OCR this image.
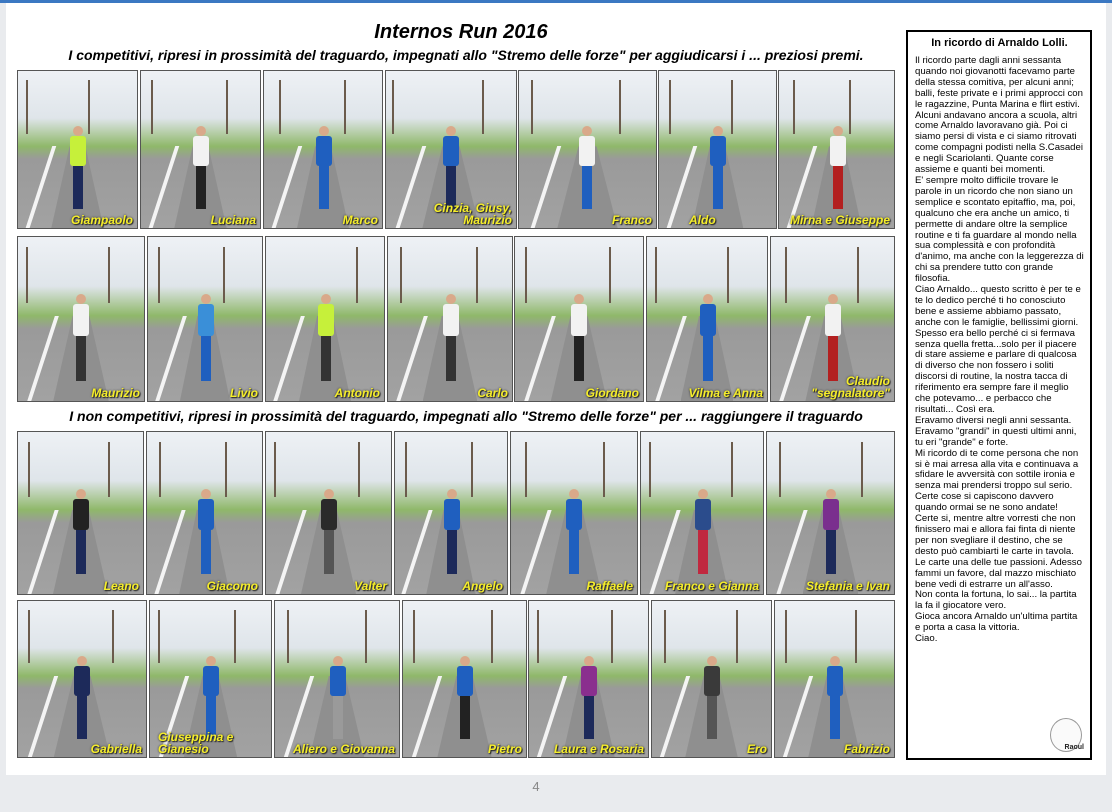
Internos Run 2016
I competitivi, ripresi in prossimità del traguardo, impegnati allo "Stremo delle forze" per aggiudicarsi i ... preziosi premi.
I non competitivi, ripresi in prossimità del traguardo, impegnati allo "Stremo delle forze" per ... raggiungere il traguardo
Giampaolo	Luciana	Marco
Cinzia, Giusy, Maurizio	Franco	Aldo	Mirna e Giuseppe
Maurizio	Livio	Antonio	Carlo	Giordano	Vilma e Anna
Claudio "segnalatore"
Leano	Giacomo	Valter	Angelo	Raffaele	Franco e Gianna	Stefania e Ivan
Gabriella
Giuseppina e Gianesio	Aliero e Giovanna	Pietro	Laura e Rosaria	Ero	Fabrizio
In ricordo di Arnaldo Lolli.
Il ricordo parte dagli anni sessanta quando noi giovanotti facevamo parte della stessa comitiva, per alcuni anni; balli, feste private e i primi approcci con le ragazzine, Punta Marina e flirt estivi.
Alcuni andavano ancora a scuola, altri come Arnaldo lavoravano già. Poi ci siamo persi di vista e ci siamo ritrovati come compagni podisti nella S.Casadei e negli Scariolanti. Quante corse assieme e quanti bei momenti.
E' sempre molto difficile trovare le parole in un ricordo che non siano un semplice e scontato epitaffio, ma, poi, qualcuno che era anche un amico, ti permette di andare oltre la semplice routine e ti fa guardare al mondo nella sua complessità e con profondità d'animo, ma anche con la leggerezza di chi sa prendere tutto con grande filosofia.
Ciao Arnaldo... questo scritto è per te e te lo dedico perché ti ho conosciuto bene e assieme abbiamo passato, anche con le famiglie, bellissimi giorni.
Spesso era bello perché ci si fermava senza quella fretta...solo per il piacere di stare assieme e parlare di qualcosa di diverso che non fossero i soliti discorsi di routine, la nostra tacca di riferimento era sempre fare il meglio che potevamo... e perbacco che risultati... Così era.
Eravamo diversi negli anni sessanta. Eravamo "grandi" in questi ultimi anni, tu eri "grande" e forte.
Mi ricordo di te come persona che non si è mai arresa alla vita e continuava a sfidare le avversità con sottile ironia e senza mai prendersi troppo sul serio.
Certe cose si capiscono davvero quando ormai se ne sono andate!
Certe si, mentre altre vorresti che non finissero mai e allora fai finta di niente per non svegliare il destino, che se desto può cambiarti le carte in tavola.
Le carte una delle tue passioni. Adesso fammi un favore, dal mazzo mischiato bene vedi di estrarre un all'asso.
Non conta la fortuna, lo sai... la partita la fa il giocatore vero.
Gioca ancora Arnaldo un'ultima partita e porta a casa la vittoria.
Ciao.
Raoul
4
